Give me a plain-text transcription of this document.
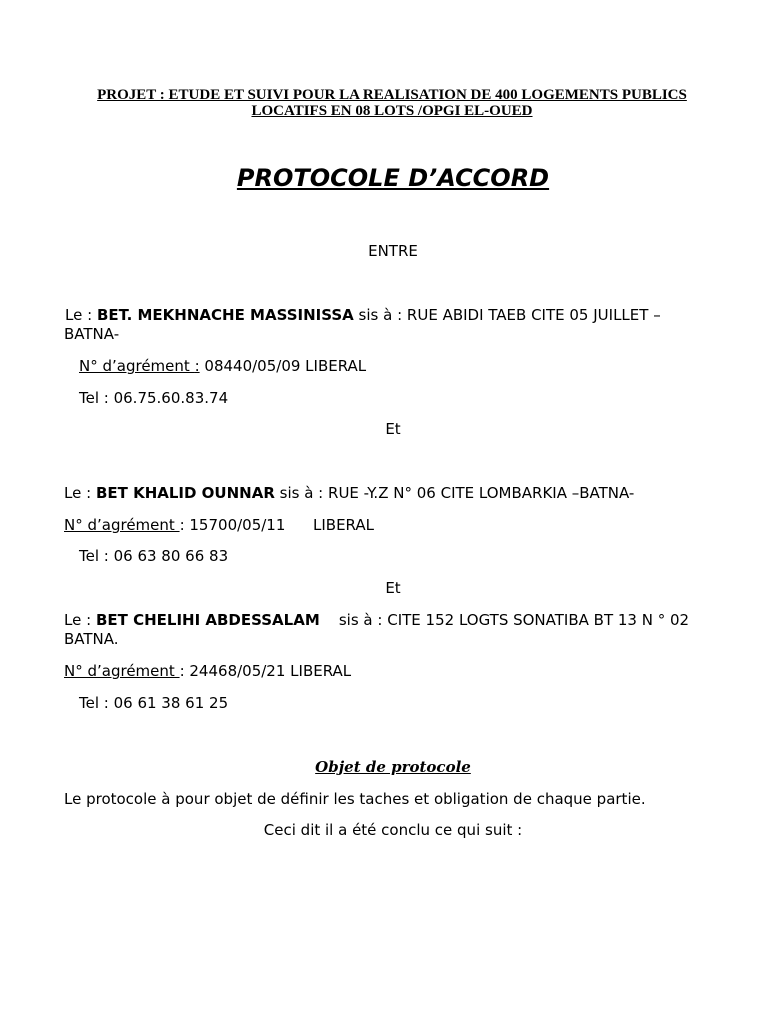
PROJET : ETUDE ET SUIVI POUR LA REALISATION DE 400 LOGEMENTS PUBLICS
LOCATIFS EN 08 LOTS /OPGI EL-OUED
PROTOCOLE D’ACCORD
ENTRE
Le : BET. MEKHNACHE MASSINISSA sis à : RUE ABIDI TAEB CITE 05 JUILLET –
BATNA-
N° d’agrément : 08440/05/09 LIBERAL
Tel : 06.75.60.83.74
Et
Le : BET KHALID OUNNAR sis à : RUE -Y.Z N° 06 CITE LOMBARKIA –BATNA-
N° d’agrément : 15700/05/11 LIBERAL
Tel : 06 63 80 66 83
Et
Le : BET CHELIHI ABDESSALAM sis à : CITE 152 LOGTS SONATIBA BT 13 N ° 02
BATNA.
N° d’agrément : 24468/05/21 LIBERAL
Tel : 06 61 38 61 25
Objet de protocole
Le protocole à pour objet de définir les taches et obligation de chaque partie.
Ceci dit il a été conclu ce qui suit :
